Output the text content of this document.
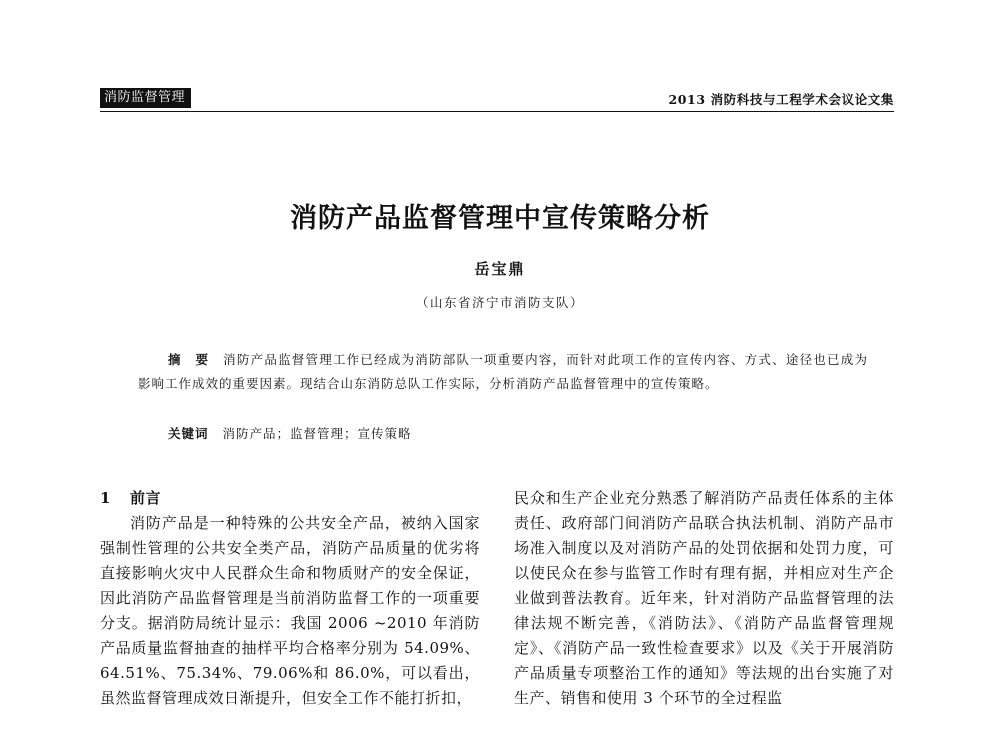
消防监督管理	2013 消防科技与工程学术会议论文集
消防产品监督管理中宣传策略分析
岳宝鼎
（山东省济宁市消防支队）
摘　要 消防产品监督管理工作已经成为消防部队一项重要内容，而针对此项工作的宣传内容、方式、途径也已成为影响工作成效的重要因素。现结合山东消防总队工作实际，分析消防产品监督管理中的宣传策略。
关键词 消防产品；监督管理；宣传策略
1 前言

消防产品是一种特殊的公共安全产品，被纳入国家强制性管理的公共安全类产品，消防产品质量的优劣将直接影响火灾中人民群众生命和物质财产的安全保证，因此消防产品监督管理是当前消防监督工作的一项重要分支。据消防局统计显示：我国 2006 ~2010 年消防产品质量监督抽查的抽样平均合格率分别为 54.09%、64.51%、75.34%、79.06%和 86.0%，可以看出，虽然监督管理成效日渐提升，但安全工作不能打折扣，

民众和生产企业充分熟悉了解消防产品责任体系的主体责任、政府部门间消防产品联合执法机制、消防产品市场准入制度以及对消防产品的处罚依据和处罚力度，可以使民众在参与监管工作时有理有据，并相应对生产企业做到普法教育。近年来，针对消防产品监督管理的法律法规不断完善，《消防法》、《消防产品监督管理规定》、《消防产品一致性检查要求》以及《关于开展消防产品质量专项整治工作的通知》等法规的出台实施了对生产、销售和使用 3 个环节的全过程监
